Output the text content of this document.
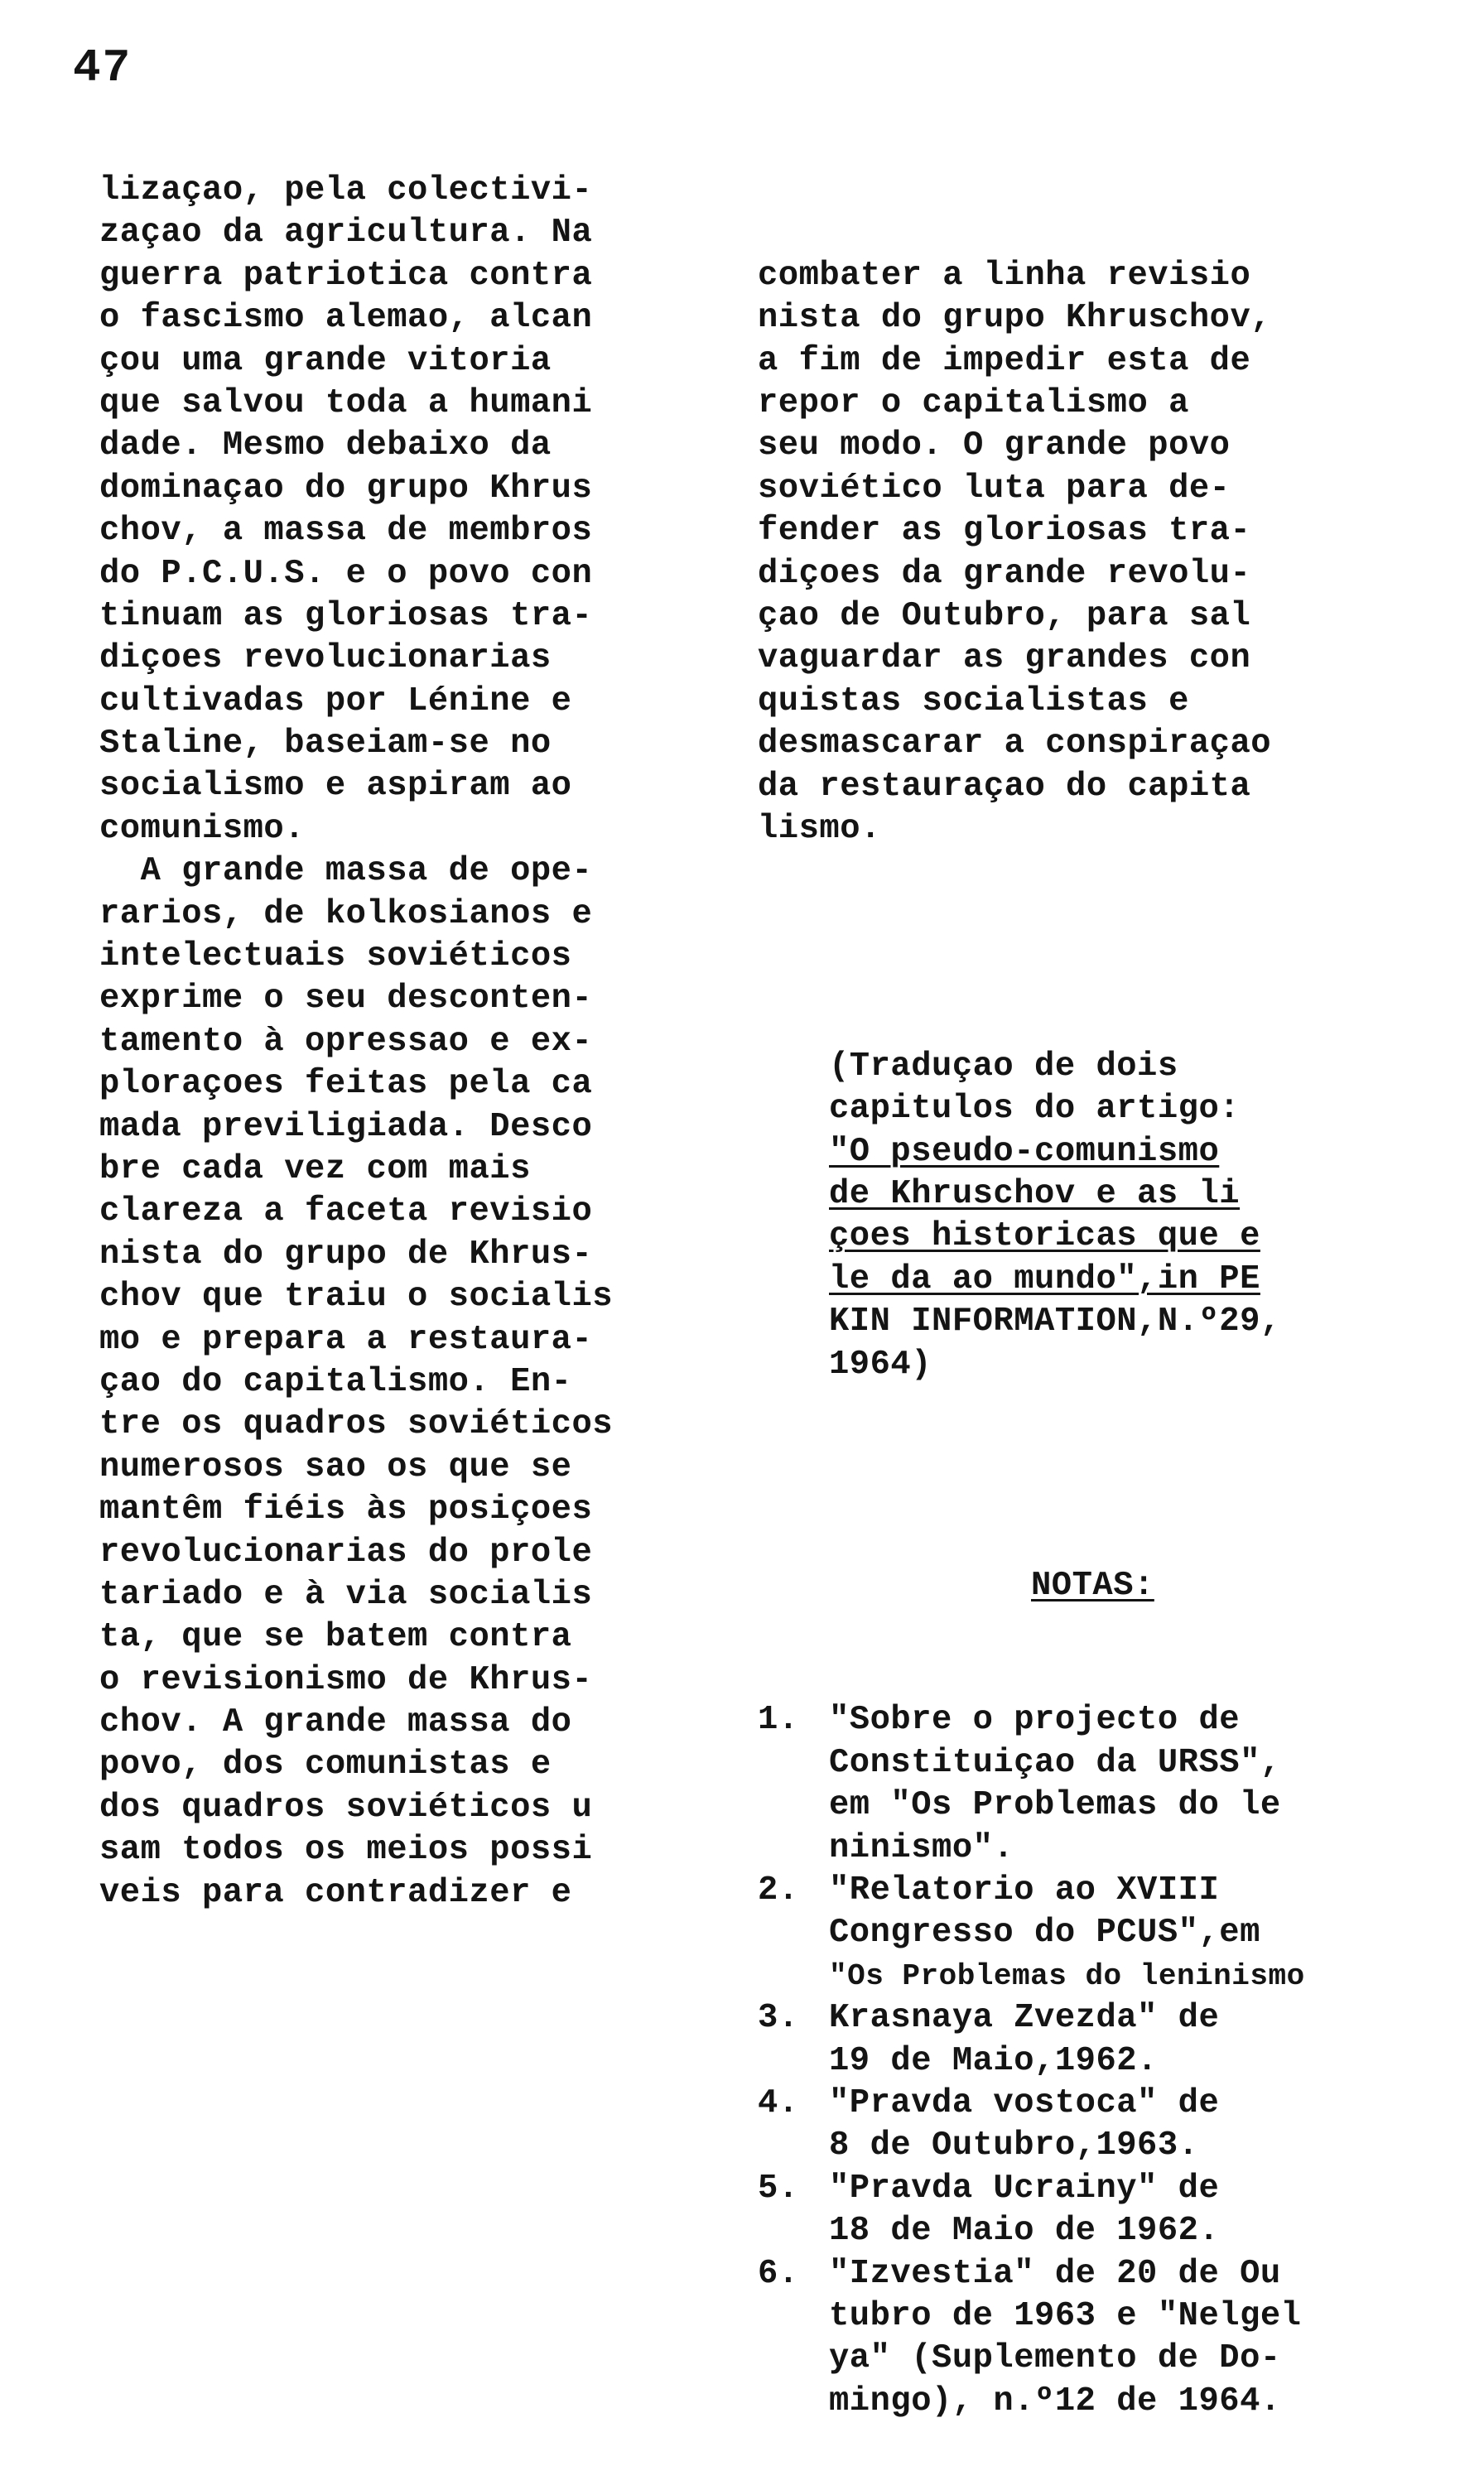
47
lizaçao, pela colectivi-
zaçao da agricultura. Na
guerra patriotica contra
o fascismo alemao, alcan
çou uma grande vitoria
que salvou toda a humani
dade. Mesmo debaixo da
dominaçao do grupo Khrus
chov, a massa de membros
do P.C.U.S. e o povo con
tinuam as gloriosas tra-
diçoes revolucionarias
cultivadas por Lénine e
Staline, baseiam-se no
socialismo e aspiram ao
comunismo.
A grande massa de ope-
rarios, de kolkosianos e
intelectuais soviéticos
exprime o seu desconten-
tamento à opressao e ex-
ploraçoes feitas pela ca
mada previligiada. Desco
bre cada vez com mais
clareza a faceta revisio
nista do grupo de Khrus-
chov que traiu o socialis
mo e prepara a restaura-
çao do capitalismo. En-
tre os quadros soviéticos
numerosos sao os que se
mantêm fiéis às posiçoes
revolucionarias do prole
tariado e à via socialis
ta, que se batem contra
o revisionismo de Khrus-
chov. A grande massa do
povo, dos comunistas e
dos quadros soviéticos u
sam todos os meios possi
veis para contradizer e

combater a linha revisio
nista do grupo Khruschov,
a fim de impedir esta de
repor o capitalismo a
seu modo. O grande povo
soviético luta para de-
fender as gloriosas tra-
diçoes da grande revolu-
çao de Outubro, para sal
vaguardar as grandes con
quistas socialistas e
desmascarar a conspiraçao
da restauraçao do capita
lismo.

(Traduçao de dois
capitulos do artigo:
"O pseudo-comunismo
de Khruschov e as li
çoes historicas que e
le da ao mundo",in PE
KIN INFORMATION,N.º29,
1964)

NOTAS:

1. "Sobre o projecto de
Constituiçao da URSS",
em "Os Problemas do le
ninismo".
2. "Relatorio ao XVIII
Congresso do PCUS",em
"Os Problemas do leninismo
3. Krasnaya Zvezda" de
19 de Maio,1962.
4. "Pravda vostoca" de
8 de Outubro,1963.
5. "Pravda Ucrainy" de
18 de Maio de 1962.
6. "Izvestia" de 20 de Ou
tubro de 1963 e "Nelgel
ya" (Suplemento de Do-
mingo), n.º12 de 1964.
